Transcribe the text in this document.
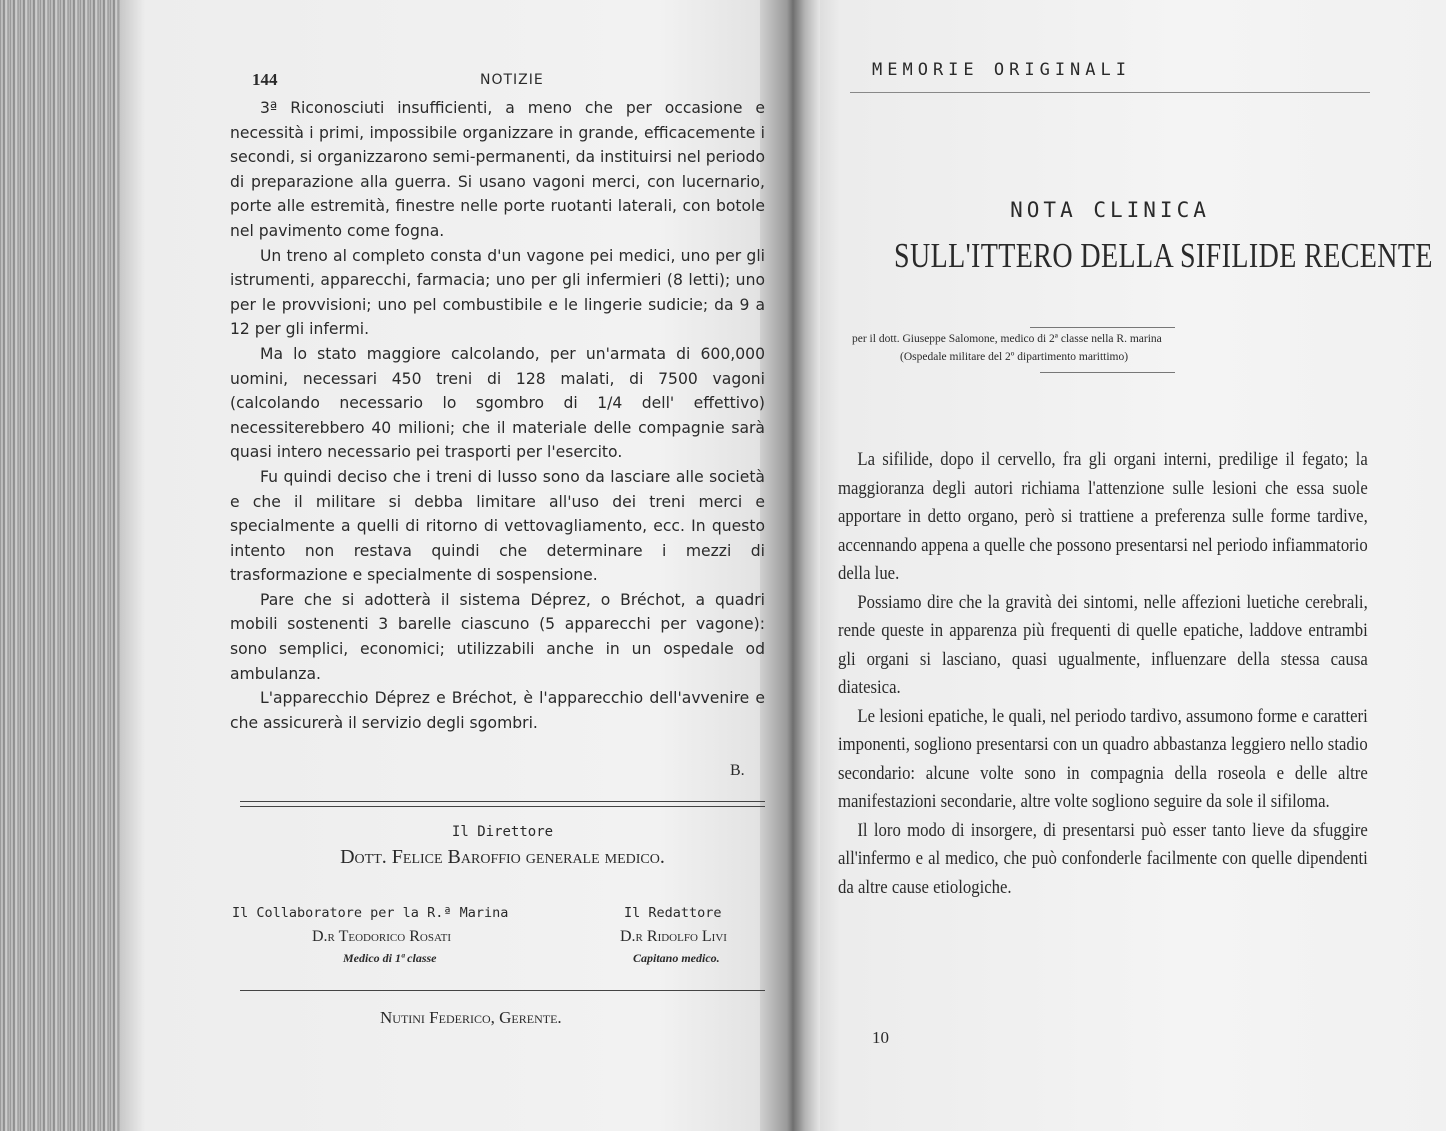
144	NOTIZIE

3ª Riconosciuti insufficienti, a meno che per occasione e necessità i primi, impossibile organizzare in grande, efficacemente i secondi, si organizzarono semi-permanenti, da instituirsi nel periodo di preparazione alla guerra. Si usano vagoni merci, con lucernario, porte alle estremità, finestre nelle porte ruotanti laterali, con botole nel pavimento come fogna.

Un treno al completo consta d'un vagone pei medici, uno per gli istrumenti, apparecchi, farmacia; uno per gli infermieri (8 letti); uno per le provvisioni; uno pel combustibile e le lingerie sudicie; da 9 a 12 per gli infermi.

Ma lo stato maggiore calcolando, per un'armata di 600,000 uomini, necessari 450 treni di 128 malati, di 7500 vagoni (calcolando necessario lo sgombro di 1/4 dell' effettivo) necessiterebbero 40 milioni; che il materiale delle compagnie sarà quasi intero necessario pei trasporti per l'esercito.

Fu quindi deciso che i treni di lusso sono da lasciare alle società e che il militare si debba limitare all'uso dei treni merci e specialmente a quelli di ritorno di vettovagliamento, ecc. In questo intento non restava quindi che determinare i mezzi di trasformazione e specialmente di sospensione.

Pare che si adotterà il sistema Déprez, o Bréchot, a quadri mobili sostenenti 3 barelle ciascuno (5 apparecchi per vagone): sono semplici, economici; utilizzabili anche in un ospedale od ambulanza.

L'apparecchio Déprez e Bréchot, è l'apparecchio dell'avvenire e che assicurerà il servizio degli sgombri.

B.
Il Direttore
Dott. Felice Baroffio generale medico.
Il Collaboratore per la R.ª Marina	Il Redattore
D.r Teodorico Rosati	D.r Ridolfo Livi
Medico di 1ª classe	Capitano medico.
Nutini Federico, Gerente.
MEMORIE ORIGINALI
NOTA CLINICA
SULL'ITTERO DELLA SIFILIDE RECENTE
per il dott. Giuseppe Salomone, medico di 2ª classe nella R. marina
(Ospedale militare del 2º dipartimento marittimo)

La sifilide, dopo il cervello, fra gli organi interni, predilige il fegato; la maggioranza degli autori richiama l'attenzione sulle lesioni che essa suole apportare in detto organo, però si trattiene a preferenza sulle forme tardive, accennando appena a quelle che possono presentarsi nel periodo infiammatorio della lue.

Possiamo dire che la gravità dei sintomi, nelle affezioni luetiche cerebrali, rende queste in apparenza più frequenti di quelle epatiche, laddove entrambi gli organi si lasciano, quasi ugualmente, influenzare della stessa causa diatesica.

Le lesioni epatiche, le quali, nel periodo tardivo, assumono forme e caratteri imponenti, sogliono presentarsi con un quadro abbastanza leggiero nello stadio secondario: alcune volte sono in compagnia della roseola e delle altre manifestazioni secondarie, altre volte sogliono seguire da sole il sifiloma.

Il loro modo di insorgere, di presentarsi può esser tanto lieve da sfuggire all'infermo e al medico, che può confonderle facilmente con quelle dipendenti da altre cause etiologiche.

10
